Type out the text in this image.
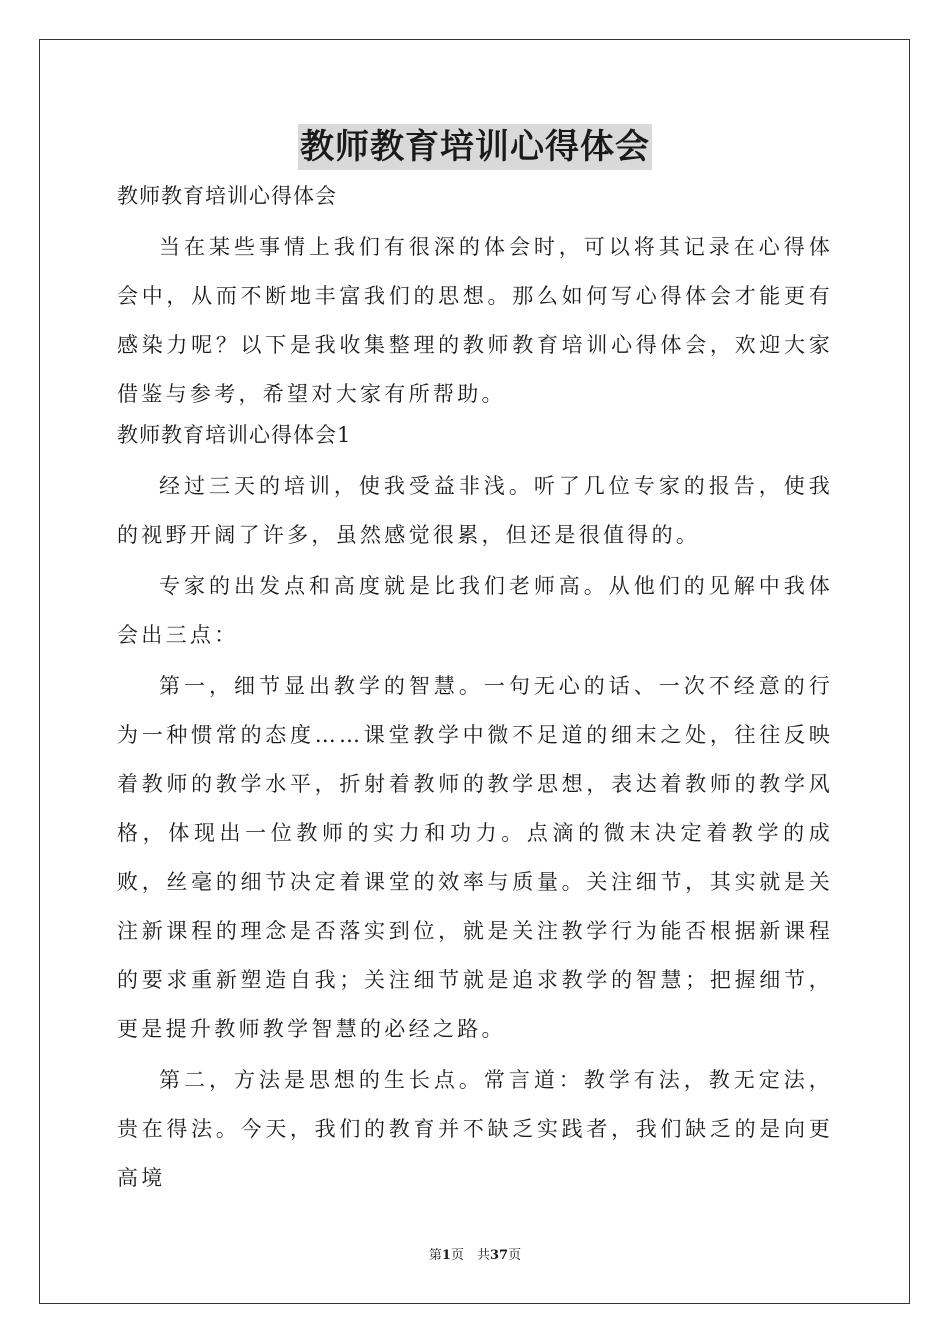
教师教育培训心得体会
教师教育培训心得体会

当在某些事情上我们有很深的体会时，可以将其记录在心得体会中，从而不断地丰富我们的思想。那么如何写心得体会才能更有感染力呢？以下是我收集整理的教师教育培训心得体会，欢迎大家借鉴与参考，希望对大家有所帮助。

教师教育培训心得体会1

经过三天的培训，使我受益非浅。听了几位专家的报告，使我的视野开阔了许多，虽然感觉很累，但还是很值得的。

专家的出发点和高度就是比我们老师高。从他们的见解中我体会出三点：

第一，细节显出教学的智慧。一句无心的话、一次不经意的行为一种惯常的态度……课堂教学中微不足道的细末之处，往往反映着教师的教学水平，折射着教师的教学思想，表达着教师的教学风格，体现出一位教师的实力和功力。点滴的微末决定着教学的成败，丝毫的细节决定着课堂的效率与质量。关注细节，其实就是关注新课程的理念是否落实到位，就是关注教学行为能否根据新课程的要求重新塑造自我；关注细节就是追求教学的智慧；把握细节，更是提升教师教学智慧的必经之路。

第二，方法是思想的生长点。常言道：教学有法，教无定法，贵在得法。今天，我们的教育并不缺乏实践者，我们缺乏的是向更高境

第1页　共37页
